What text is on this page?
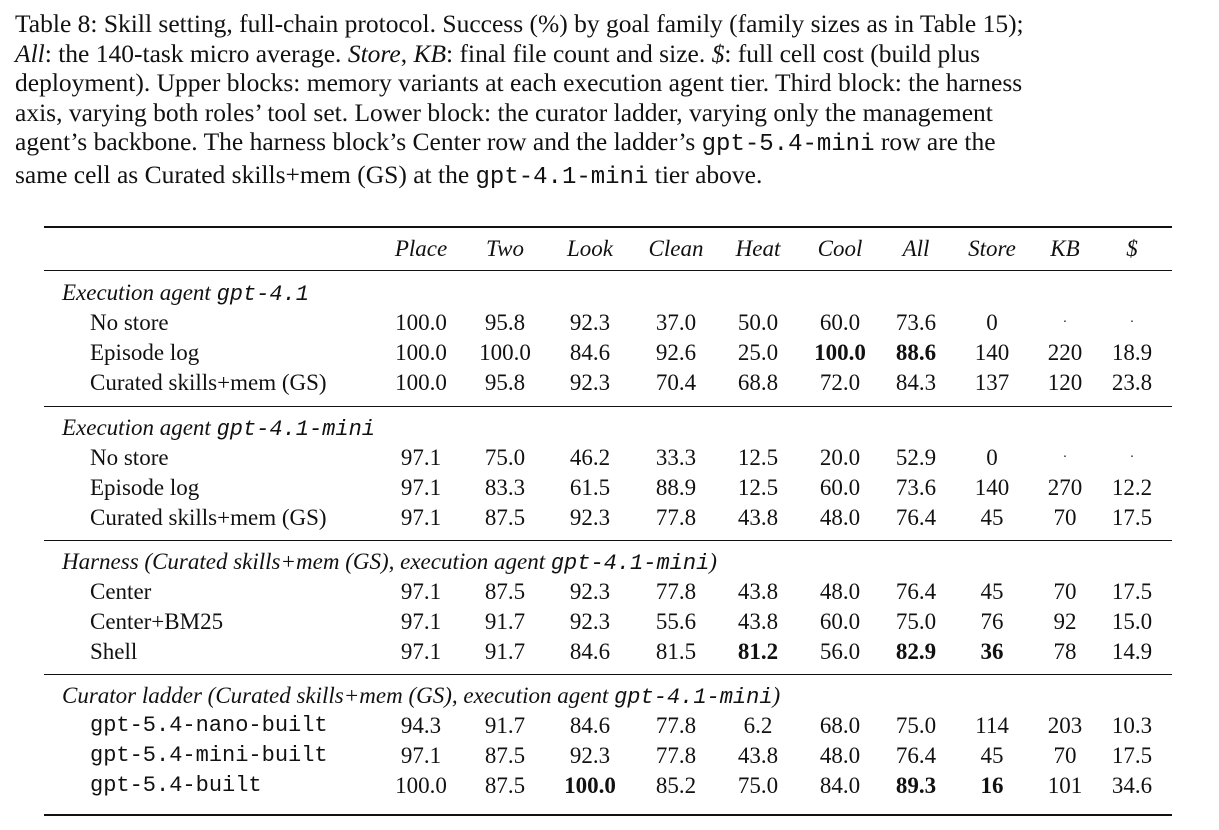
Table 8: Skill setting, full-chain protocol. Success (%) by goal family (family sizes as in Table 15);
All: the 140-task micro average. Store, KB: final file count and size. $: full cell cost (build plus
deployment). Upper blocks: memory variants at each execution agent tier. Third block: the harness
axis, varying both roles’ tool set. Lower block: the curator ladder, varying only the management
agent’s backbone. The harness block’s Center row and the ladder’s gpt-5.4-mini row are the
same cell as Curated skills+mem (GS) at the gpt-4.1-mini tier above.
Place	Two	Look	Clean	Heat	Cool	All	Store	KB	$
Execution agent gpt-4.1
No store	100.0	95.8	92.3	37.0	50.0	60.0	73.6	0	·	·
Episode log	100.0	100.0	84.6	92.6	25.0	100.0	88.6	140	220	18.9
Curated skills+mem (GS)	100.0	95.8	92.3	70.4	68.8	72.0	84.3	137	120	23.8
Execution agent gpt-4.1-mini
No store	97.1	75.0	46.2	33.3	12.5	20.0	52.9	0	·	·
Episode log	97.1	83.3	61.5	88.9	12.5	60.0	73.6	140	270	12.2
Curated skills+mem (GS)	97.1	87.5	92.3	77.8	43.8	48.0	76.4	45	70	17.5
Harness (Curated skills+mem (GS), execution agent gpt-4.1-mini)
Center	97.1	87.5	92.3	77.8	43.8	48.0	76.4	45	70	17.5
Center+BM25	97.1	91.7	92.3	55.6	43.8	60.0	75.0	76	92	15.0
Shell	97.1	91.7	84.6	81.5	81.2	56.0	82.9	36	78	14.9
Curator ladder (Curated skills+mem (GS), execution agent gpt-4.1-mini)
gpt-5.4-nano-built	94.3	91.7	84.6	77.8	6.2	68.0	75.0	114	203	10.3
gpt-5.4-mini-built	97.1	87.5	92.3	77.8	43.8	48.0	76.4	45	70	17.5
gpt-5.4-built	100.0	87.5	100.0	85.2	75.0	84.0	89.3	16	101	34.6
